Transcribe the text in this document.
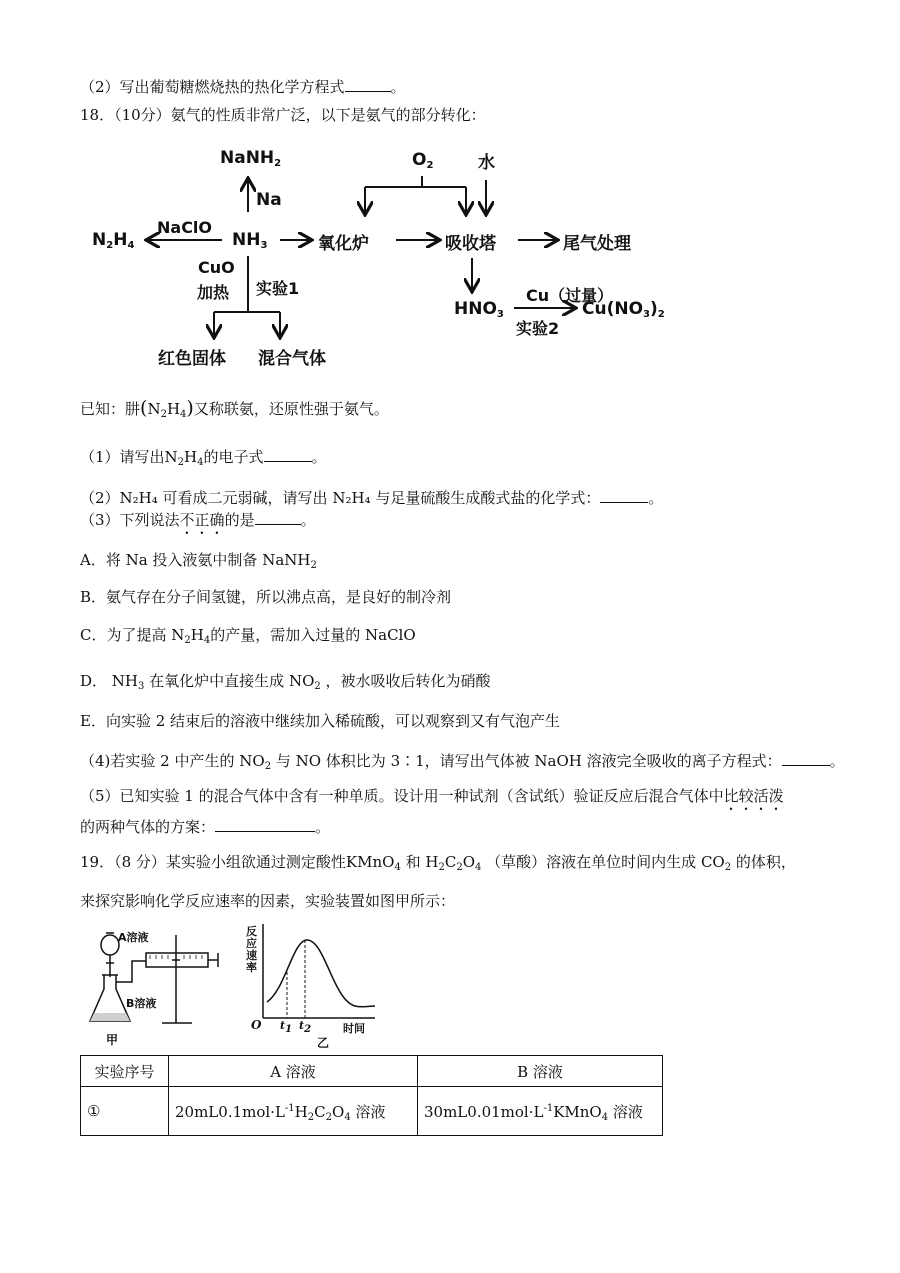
（2）写出葡萄糖燃烧热的热化学方程式	。
18．（10分）氨气的性质非常广泛，以下是氨气的部分转化：
NaNH$_2$
Na
$O_2$	水
$N_2H_4$
NaClO
$NH_3$	氧化炉	吸收塔	尾气处理
CuO
加热 实验1
红色固体 混合气体
$HNO_3$
Cu（过量）
实验2
$Cu(NO_3)_2$
已知：肼$(N_2H_4)$又称联氨，还原性强于氨气。
（1）请写出$N_2H_4$的电子式	。
（2）N₂H₄ 可看成二元弱碱，请写出 N₂H₄ 与足量硫酸生成酸式盐的化学式：	。
（3）下列说法不正确的是	。
A．将 Na 投入液氨中制备 NaNH$_2$
B．氨气存在分子间氢键，所以沸点高，是良好的制冷剂
C．为了提高 $N_2H_4$的产量，需加入过量的 NaClO
D． $NH_3$ 在氧化炉中直接生成 $NO_2$ ，被水吸收后转化为硝酸
E．向实验 2 结束后的溶液中继续加入稀硫酸，可以观察到又有气泡产生
（4)若实验 2 中产生的 $NO_2$ 与 NO 体积比为 3∶1，请写出气体被 NaOH 溶液完全吸收的离子方程式：	。
（5）已知实验 1 的混合气体中含有一种单质。设计用一种试剂（含试纸）验证反应后混合气体中比较活泼
的两种气体的方案：	。
19．（8 分）某实验小组欲通过测定酸性KMnO$_4$ 和 $H_2C_2O_4$ （草酸）溶液在单位时间内生成 $CO_2$ 的体积，
来探究影响化学反应速率的因素，实验装置如图甲所示：
A溶液
B溶液
甲
反应速率
O $t_1$ $t_2$	时间
乙
实验序号	A 溶液	B 溶液
①	$20mL0.1mol\cdot L^{-1}H_2C_2O_4$ 溶液	$30mL0.01mol\cdot L^{-1}KMnO_4$ 溶液
